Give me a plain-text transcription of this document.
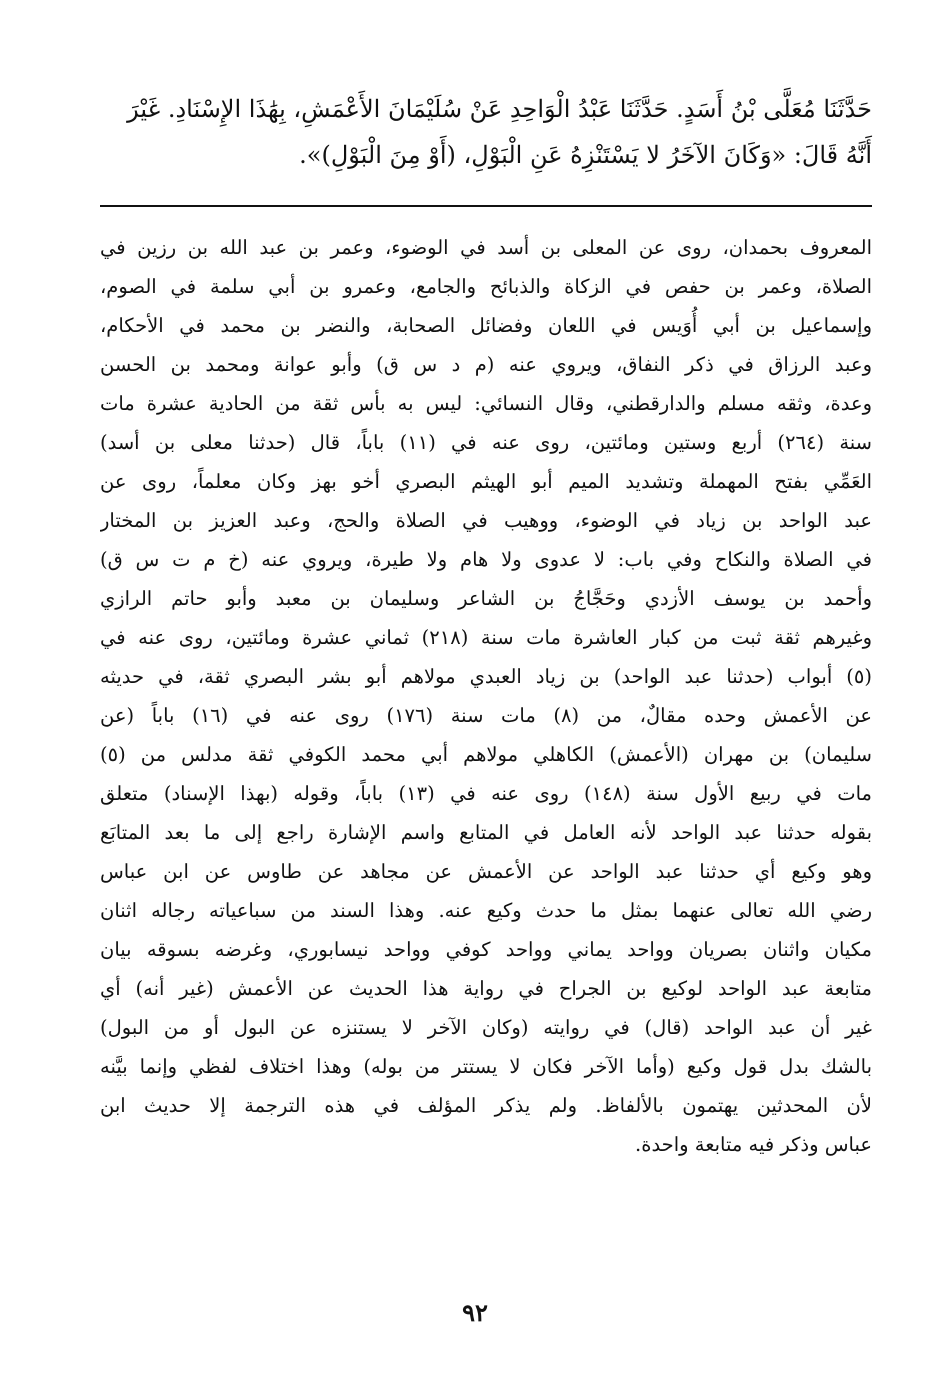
حَدَّثَنَا مُعَلَّى بْنُ أَسَدٍ. حَدَّثَنَا عَبْدُ الْوَاحِدِ عَنْ سُلَيْمَانَ الأَعْمَشِ، بِهَٰذَا الإِسْنَادِ. غَيْرَ
أَنَّهُ قَالَ: «وَكَانَ الآخَرُ لا يَسْتَنْزِهُ عَنِ الْبَوْلِ، (أَوْ مِنَ الْبَوْلِ)».
المعروف بحمدان، روى عن المعلى بن أسد في الوضوء، وعمر بن عبد الله بن رزين في
الصلاة، وعمر بن حفص في الزكاة والذبائح والجامع، وعمرو بن أبي سلمة في الصوم،
وإسماعيل بن أبي أُوَيس في اللعان وفضائل الصحابة، والنضر بن محمد في الأحكام،
وعبد الرزاق في ذكر النفاق، ويروي عنه (م د س ق) وأبو عوانة ومحمد بن الحسن
وعدة، وثقه مسلم والدارقطني، وقال النسائي: ليس به بأس ثقة من الحادية عشرة مات
سنة (٢٦٤) أربع وستين ومائتين، روى عنه في (١١) باباً، قال (حدثنا معلى بن أسد)
العَمِّي بفتح المهملة وتشديد الميم أبو الهيثم البصري أخو بهز وكان معلماً، روى عن
عبد الواحد بن زياد في الوضوء، ووهيب في الصلاة والحج، وعبد العزيز بن المختار
في الصلاة والنكاح وفي باب: لا عدوى ولا هام ولا طيرة، ويروي عنه (خ م ت س ق)
وأحمد بن يوسف الأزدي وحَجَّاجُ بن الشاعر وسليمان بن معبد وأبو حاتم الرازي
وغيرهم ثقة ثبت من كبار العاشرة مات سنة (٢١٨) ثماني عشرة ومائتين، روى عنه في
(٥) أبواب (حدثنا عبد الواحد) بن زياد العبدي مولاهم أبو بشر البصري ثقة، في حديثه
عن الأعمش وحده مقالٌ، من (٨) مات سنة (١٧٦) روى عنه في (١٦) باباً (عن
سليمان) بن مهران (الأعمش) الكاهلي مولاهم أبي محمد الكوفي ثقة مدلس من (٥)
مات في ربيع الأول سنة (١٤٨) روى عنه في (١٣) باباً، وقوله (بهذا الإسناد) متعلق
بقوله حدثنا عبد الواحد لأنه العامل في المتابع واسم الإشارة راجع إلى ما بعد المتابَع
وهو وكيع أي حدثنا عبد الواحد عن الأعمش عن مجاهد عن طاوس عن ابن عباس
رضي الله تعالى عنهما بمثل ما حدث وكيع عنه. وهذا السند من سباعياته رجاله اثنان
مكيان واثنان بصريان وواحد يماني وواحد كوفي وواحد نيسابوري، وغرضه بسوقه بيان
متابعة عبد الواحد لوكيع بن الجراح في رواية هذا الحديث عن الأعمش (غير أنه) أي
غير أن عبد الواحد (قال) في روايته (وكان الآخر لا يستنزه عن البول أو من البول)
بالشك بدل قول وكيع (وأما الآخر فكان لا يستتر من بوله) وهذا اختلاف لفظي وإنما بيَّنه
لأن المحدثين يهتمون بالألفاظ. ولم يذكر المؤلف في هذه الترجمة إلا حديث ابن
عباس وذكر فيه متابعة واحدة.
٩٢
